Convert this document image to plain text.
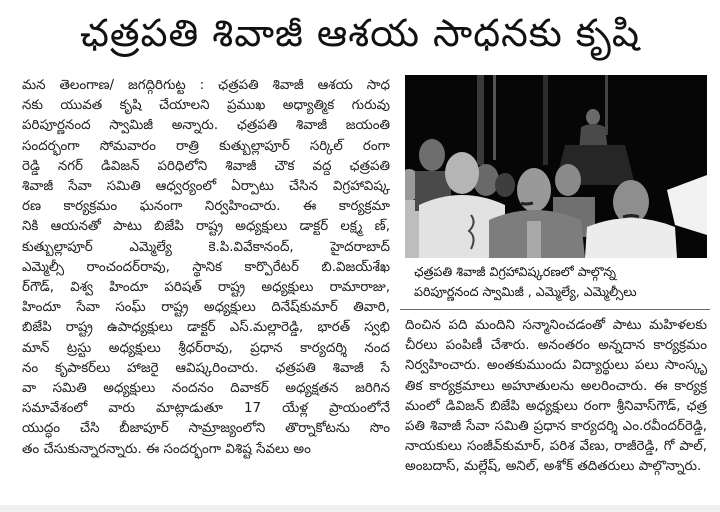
ఛత్రపతి శివాజీ ఆశయ సాధనకు కృషి
మన తెలంగాణ/ జగద్గిరిగుట్ట : ఛత్రపతి శివాజీ ఆశయ సాధ
నకు యువత కృషి చేయాలని ప్రముఖ అధ్యాత్మిక గురువు
పరిపూర్ణనంద స్వామిజీ అన్నారు. ఛత్రపతి శివాజీ జయంతి
సందర్భంగా సోమవారం రాత్రి కుత్బుల్లాపూర్ సర్కిల్ రంగా
రెడ్డి నగర్ డివిజన్ పరిధిలోని శివాజీ చౌక వద్ద ఛత్రపతి
శివాజీ సేవా సమితి ఆధ్వర్యంలో ఏర్పాటు చేసిన విగ్రహావిష్క
రణ కార్యక్రమం ఘనంగా నిర్వహించారు. ఈ కార్యక్రమా
నికి ఆయనతో పాటు బిజేపి రాష్ట్ర అధ్యక్షులు డాక్టర్ లక్ష్మ ణ్,
కుత్బుల్లాపూర్ ఎమ్మెల్యే కె.పి.వివేకానంద్, హైదరాబాద్
ఎమ్మెల్సీ రాంచందర్‌రావు, స్థానిక కార్పొరేటర్ బి.విజయ్‌శేఖ
ర్‌గౌడ్, విశ్వ హిందూ పరిషత్ రాష్ట్ర అధ్యక్షులు రామారాజు,
హిందూ సేవా సంఘ్ రాష్ట్ర అధ్యక్షులు దినేష్‌కుమార్ తివారి,
బిజేపి రాష్ట్ర ఉపాధ్యక్షులు డాక్టర్ ఎస్.మల్లారెడ్డి, భారత్ స్వభి
మాన్ ట్రస్టు అధ్యక్షులు శ్రీధర్‌రావు, ప్రధాన కార్యదర్శి నంద
నం కృపాకర్‌లు హాజరై ఆవిష్కరించారు. ఛత్రపతి శివాజీ సే
వా సమితి అధ్యక్షులు నందనం దివాకర్ అధ్యక్షతన జరిగిన
సమావేశంలో వారు మాట్లాడుతూ 17 యేళ్ల ప్రాయంలోనే
యుద్ధం చేసి బీజాపూర్ సామ్రాజ్యంలోని తొర్నాకోటను సొం
తం చేసుకున్నారన్నారు. ఈ సందర్భంగా విశిష్ట సేవలు అం
ఛత్రపతి శివాజీ విగ్రహావిష్కరణలో పాల్గొన్న
పరిపూర్ణనంద స్వామిజీ , ఎమ్మెల్యే, ఎమ్మెల్సీలు
దించిన పది మందిని సన్మానించడంతో పాటు మహిళలకు
చీరలు పంపిణీ చేశారు. అనంతరం అన్నదాన కార్యక్రమం
నిర్వహించారు. అంతకుముందు విద్యార్థులు పలు సాంస్కృ
తిక కార్యక్రమాలు అహూతులను అలరించారు. ఈ కార్యక్ర
మంలో డివిజన్ బిజేపి అధ్యక్షులు రంగా శ్రీనివాస్‌గౌడ్, ఛత్ర
పతి శివాజీ సేవా సమితి ప్రధాన కార్యదర్శి ఎం.రవీందర్‌రెడ్డి,
నాయకులు సంజీవ్‌కుమార్, పరిశ వేణు, రాజీరెడ్డి, గో పాల్,
అంబదాస్, మల్లేష్, అనిల్, అశోక్ తదితరులు పాల్గొన్నారు.
